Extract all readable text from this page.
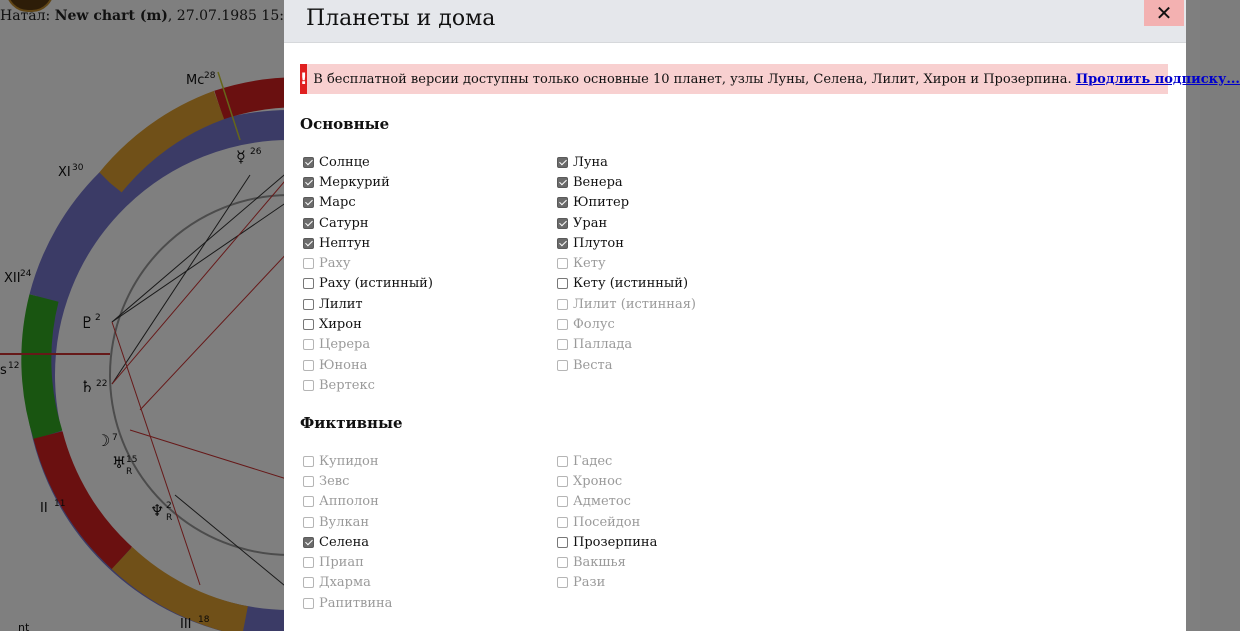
Планеты и дома	✕
! В бесплатной версии доступны только основные 10 планет, узлы Луны, Селена, Лилит, Хирон и Прозерпина. Продлить подписку...
Основные
Солнце
Меркурий
Марс
Сатурн
Нептун
Раху
Раху (истинный)
Лилит
Хирон
Церера
Юнона
Вертекс
Луна
Венера
Юпитер
Уран
Плутон
Кету
Кету (истинный)
Лилит (истинная)
Фолус
Паллада
Веста
Фиктивные
Купидон
Зевс
Апполон
Вулкан
Селена
Приап
Дхарма
Рапитвина
Гадес
Хронос
Адметос
Посейдон
Прозерпина
Вакшья
Рази
